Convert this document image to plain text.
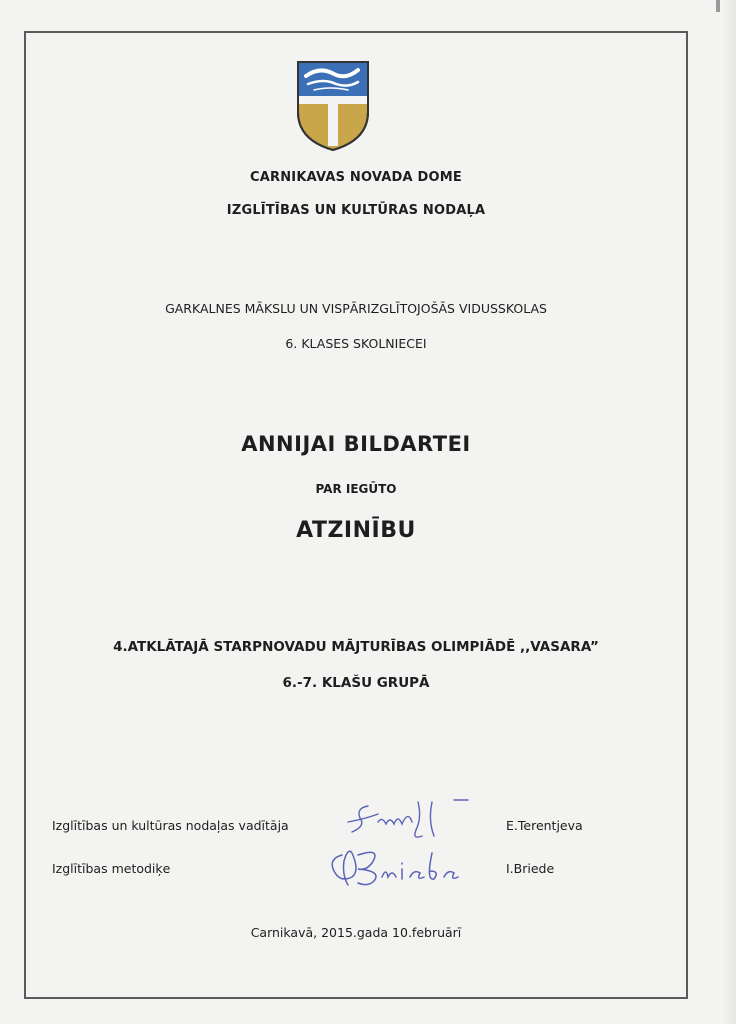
CARNIKAVAS NOVADA DOME
IZGLĪTĪBAS UN KULTŪRAS NODAĻA
GARKALNES MĀKSLU UN VISPĀRIZGLĪTOJOŠĀS VIDUSSKOLAS
6. KLASES SKOLNIECEI
ANNIJAI BILDARTEI
PAR IEGŪTO
ATZINĪBU
4.ATKLĀTAJĀ STARPNOVADU MĀJTURĪBAS OLIMPIĀDĒ ,,VASARA”
6.-7. KLAŠU GRUPĀ
Izglītības un kultūras nodaļas vadītāja	E.Terentjeva
Izglītības metodiķe	I.Briede
Carnikavā, 2015.gada 10.februārī
